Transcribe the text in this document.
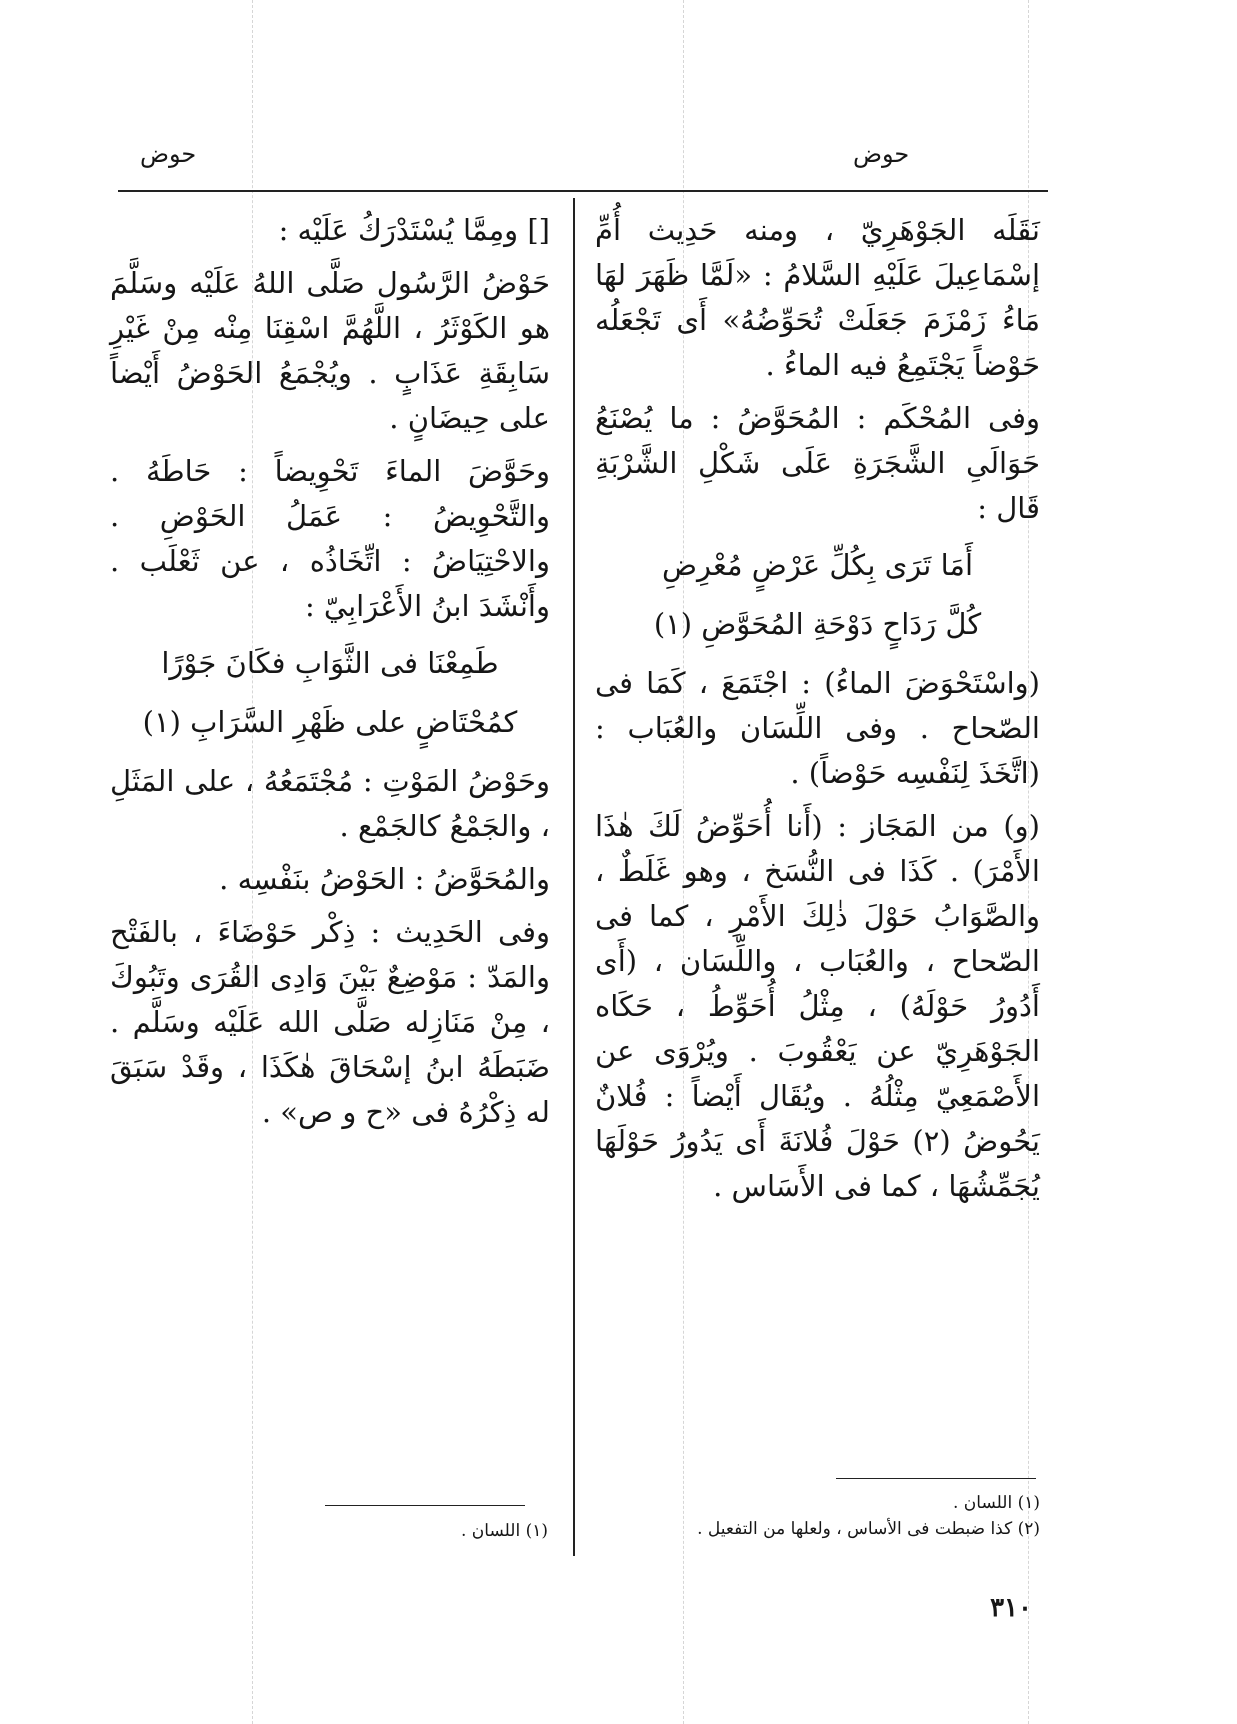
حوض
حوض

نَقَلَه الجَوْهَرِيّ ، ومنه حَدِيث أُمِّ إسْمَاعِيلَ عَلَيْهِ السَّلامُ : «لَمَّا ظَهَرَ لهَا مَاءُ زَمْزَمَ جَعَلَتْ تُحَوِّضُهُ» أَى تَجْعَلُه حَوْضاً يَجْتَمِعُ فيه الماءُ .

وفى المُحْكَم : المُحَوَّضُ : ما يُصْنَعُ حَوَالَىِ الشَّجَرَةِ عَلَى شَكْلِ الشَّرْبَةِ قَال :

أَمَا تَرَى بِكُلِّ عَرْضٍ مُعْرِضِ
كُلَّ رَدَاحٍ دَوْحَةِ المُحَوَّضِ (١)

(واسْتَحْوَضَ الماءُ) : اجْتَمَعَ ، كَمَا فى الصّحاح . وفى اللِّسَان والعُبَاب : (اتَّخَذَ لِنَفْسِه حَوْضاً) .

(و) من المَجَاز : (أَنا أُحَوِّضُ لَكَ هٰذَا الأَمْرَ) . كَذَا فى النُّسَخ ، وهو غَلَطٌ ، والصَّوَابُ حَوْلَ ذٰلِكَ الأَمْرِ ، كما فى الصّحاح ، والعُبَاب ، واللِّسَان ، (أَى أَدُورُ حَوْلَهُ) ، مِثْلُ أُحَوِّطُ ، حَكَاه الجَوْهَرِيّ عن يَعْقُوبَ . ويُرْوَى عن الأَصْمَعِيّ مِثْلُهُ . ويُقَال أَيْضاً : فُلانٌ يَحُوضُ (٢) حَوْلَ فُلانَةَ أَى يَدُورُ حَوْلَهَا يُجَمِّشُهَا ، كما فى الأَسَاس .

[] ومِمَّا يُسْتَدْرَكُ عَلَيْه :

حَوْضُ الرَّسُول صَلَّى اللهُ عَلَيْه وسَلَّمَ هو الكَوْثَرُ ، اللَّهُمَّ اسْقِنَا مِنْه مِنْ غَيْرِ سَابِقَةِ عَذَابٍ . ويُجْمَعُ الحَوْضُ أَيْضاً على حِيضَانٍ .

وحَوَّضَ الماءَ تَحْوِيضاً : حَاطَهُ . والتَّحْوِيضُ : عَمَلُ الحَوْضِ . والاحْتِيَاضُ : اتِّخَاذُه ، عن ثَعْلَب . وأَنْشَدَ ابنُ الأَعْرَابِيّ :

طَمِعْنَا فى الثَّوَابِ فكَانَ جَوْرًا
كمُحْتَاضٍ على ظَهْرِ السَّرَابِ (١)

وحَوْضُ المَوْتِ : مُجْتَمَعُهُ ، على المَثَلِ ، والجَمْعُ كالجَمْع .

والمُحَوَّضُ : الحَوْضُ بنَفْسِه .

وفى الحَدِيث : ذِكْر حَوْضَاءَ ، بالفَتْح والمَدّ : مَوْضِعٌ بَيْنَ وَادِى القُرَى وتَبُوكَ ، مِنْ مَنَازِله صَلَّى الله عَلَيْه وسَلَّم . ضَبَطَهُ ابنُ إسْحَاقَ هٰكَذَا ، وقَدْ سَبَقَ له ذِكْرُهُ فى «ح و ص» .

(١) اللسان .
(٢) كذا ضبطت فى الأساس ، ولعلها من التفعيل .
(١) اللسان .
٣١٠
